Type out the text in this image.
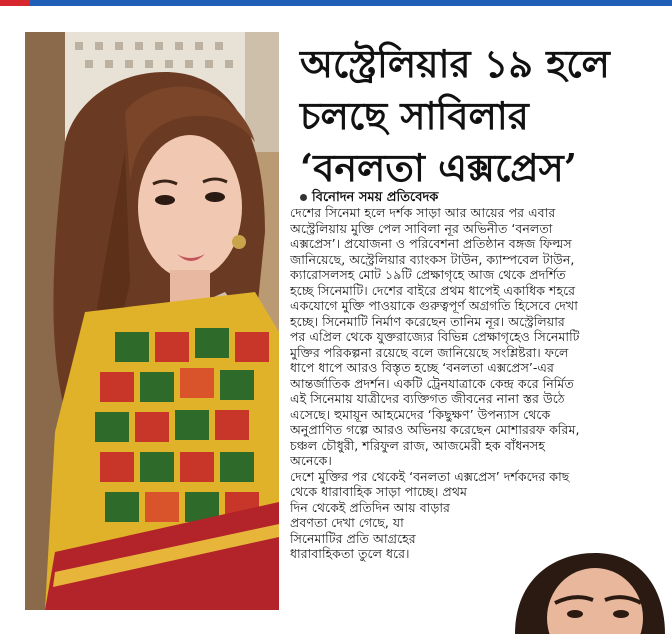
অস্ট্রেলিয়ার ১৯ হলে
চলছে সাবিলার
‘বনলতা এক্সপ্রেস’
বিনোদন সময় প্রতিবেদক
দেশের সিনেমা হলে দর্শক সাড়া আর আয়ের পর এবার
অস্ট্রেলিয়ায় মুক্তি পেল সাবিলা নূর অভিনীত ‘বনলতা
এক্সপ্রেস’। প্রযোজনা ও পরিবেশনা প্রতিষ্ঠান বঙ্গজ ফিল্মস
জানিয়েছে, অস্ট্রেলিয়ার ব্যাংকস টাউন, ক্যাম্পবেল টাউন,
ক্যারোসলসহ মোট ১৯টি প্রেক্ষাগৃহে আজ থেকে প্রদর্শিত
হচ্ছে সিনেমাটি। দেশের বাইরে প্রথম ধাপেই একাধিক শহরে
একযোগে মুক্তি পাওয়াকে গুরুত্বপূর্ণ অগ্রগতি হিসেবে দেখা
হচ্ছে। সিনেমাটি নির্মাণ করেছেন তানিম নূর। অস্ট্রেলিয়ার
পর এপ্রিল থেকে যুক্তরাজ্যের বিভিন্ন প্রেক্ষাগৃহেও সিনেমাটি
মুক্তির পরিকল্পনা রয়েছে বলে জানিয়েছে সংশ্লিষ্টরা। ফলে
ধাপে ধাপে আরও বিস্তৃত হচ্ছে ‘বনলতা এক্সপ্রেস’-এর
আন্তর্জাতিক প্রদর্শন। একটি ট্রেনযাত্রাকে কেন্দ্র করে নির্মিত
এই সিনেমায় যাত্রীদের ব্যক্তিগত জীবনের নানা স্তর উঠে
এসেছে। হুমায়ূন আহমেদের ‘কিছুক্ষণ’ উপন্যাস থেকে
অনুপ্রাণিত গল্পে আরও অভিনয় করেছেন মোশাররফ করিম,
চঞ্চল চৌধুরী, শরিফুল রাজ, আজমেরী হক বাঁধনসহ
অনেকে।
দেশে মুক্তির পর থেকেই ‘বনলতা এক্সপ্রেস’ দর্শকদের কাছ
থেকে ধারাবাহিক সাড়া পাচ্ছে। প্রথম
দিন থেকেই প্রতিদিন আয় বাড়ার
প্রবণতা দেখা গেছে, যা
সিনেমাটির প্রতি আগ্রহের
ধারাবাহিকতা তুলে ধরে।
